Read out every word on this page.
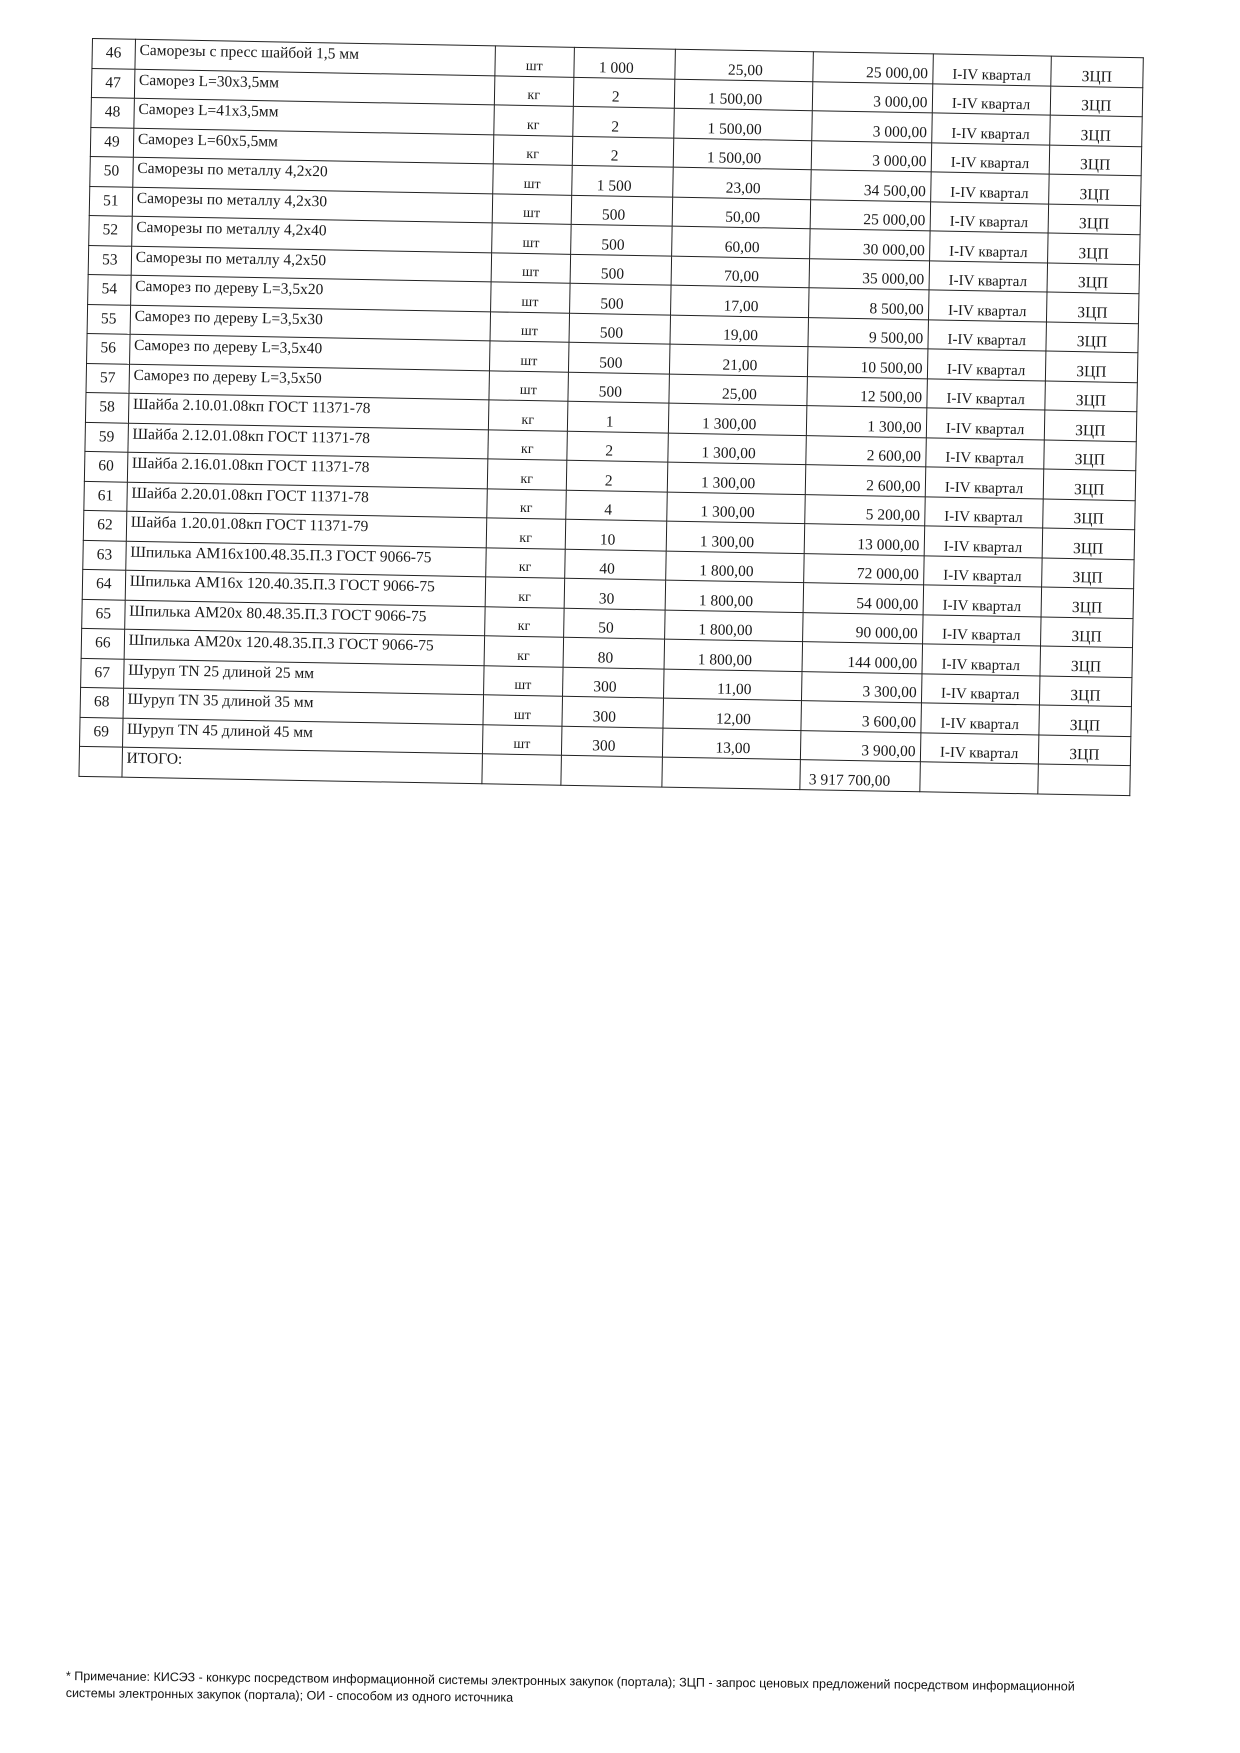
46	Саморезы с пресс шайбой 1,5 мм	шт	1 000	25,00	25 000,00	I-IV квартал	ЗЦП
47	Саморез L=30х3,5мм	кг	2	1 500,00	3 000,00	I-IV квартал	ЗЦП
48	Саморез L=41х3,5мм	кг	2	1 500,00	3 000,00	I-IV квартал	ЗЦП
49	Саморез L=60х5,5мм	кг	2	1 500,00	3 000,00	I-IV квартал	ЗЦП
50	Саморезы по металлу 4,2х20	шт	1 500	23,00	34 500,00	I-IV квартал	ЗЦП
51	Саморезы по металлу 4,2х30	шт	500	50,00	25 000,00	I-IV квартал	ЗЦП
52	Саморезы по металлу 4,2х40	шт	500	60,00	30 000,00	I-IV квартал	ЗЦП
53	Саморезы по металлу 4,2х50	шт	500	70,00	35 000,00	I-IV квартал	ЗЦП
54	Саморез по дереву L=3,5х20	шт	500	17,00	8 500,00	I-IV квартал	ЗЦП
55	Саморез по дереву L=3,5х30	шт	500	19,00	9 500,00	I-IV квартал	ЗЦП
56	Саморез по дереву L=3,5х40	шт	500	21,00	10 500,00	I-IV квартал	ЗЦП
57	Саморез по дереву L=3,5х50	шт	500	25,00	12 500,00	I-IV квартал	ЗЦП
58	Шайба 2.10.01.08кп ГОСТ 11371-78	кг	1	1 300,00	1 300,00	I-IV квартал	ЗЦП
59	Шайба 2.12.01.08кп ГОСТ 11371-78	кг	2	1 300,00	2 600,00	I-IV квартал	ЗЦП
60	Шайба 2.16.01.08кп ГОСТ 11371-78	кг	2	1 300,00	2 600,00	I-IV квартал	ЗЦП
61	Шайба 2.20.01.08кп ГОСТ 11371-78	кг	4	1 300,00	5 200,00	I-IV квартал	ЗЦП
62	Шайба 1.20.01.08кп ГОСТ 11371-79	кг	10	1 300,00	13 000,00	I-IV квартал	ЗЦП
63	Шпилька АМ16х100.48.35.П.3 ГОСТ 9066-75	кг	40	1 800,00	72 000,00	I-IV квартал	ЗЦП
64	Шпилька АМ16х 120.40.35.П.3 ГОСТ 9066-75	кг	30	1 800,00	54 000,00	I-IV квартал	ЗЦП
65	Шпилька АМ20х 80.48.35.П.3 ГОСТ 9066-75	кг	50	1 800,00	90 000,00	I-IV квартал	ЗЦП
66	Шпилька АМ20х 120.48.35.П.3 ГОСТ 9066-75	кг	80	1 800,00	144 000,00	I-IV квартал	ЗЦП
67	Шуруп TN 25 длиной 25 мм	шт	300	11,00	3 300,00	I-IV квартал	ЗЦП
68	Шуруп TN 35 длиной 35 мм	шт	300	12,00	3 600,00	I-IV квартал	ЗЦП
69	Шуруп TN 45 длиной 45 мм	шт	300	13,00	3 900,00	I-IV квартал	ЗЦП
	ИТОГО:				3 917 700,00		
* Примечание: КИСЭЗ - конкурс посредством информационной системы электронных закупок (портала); ЗЦП - запрос ценовых предложений посредством информационной системы электронных закупок (портала); ОИ - способом из одного источника
